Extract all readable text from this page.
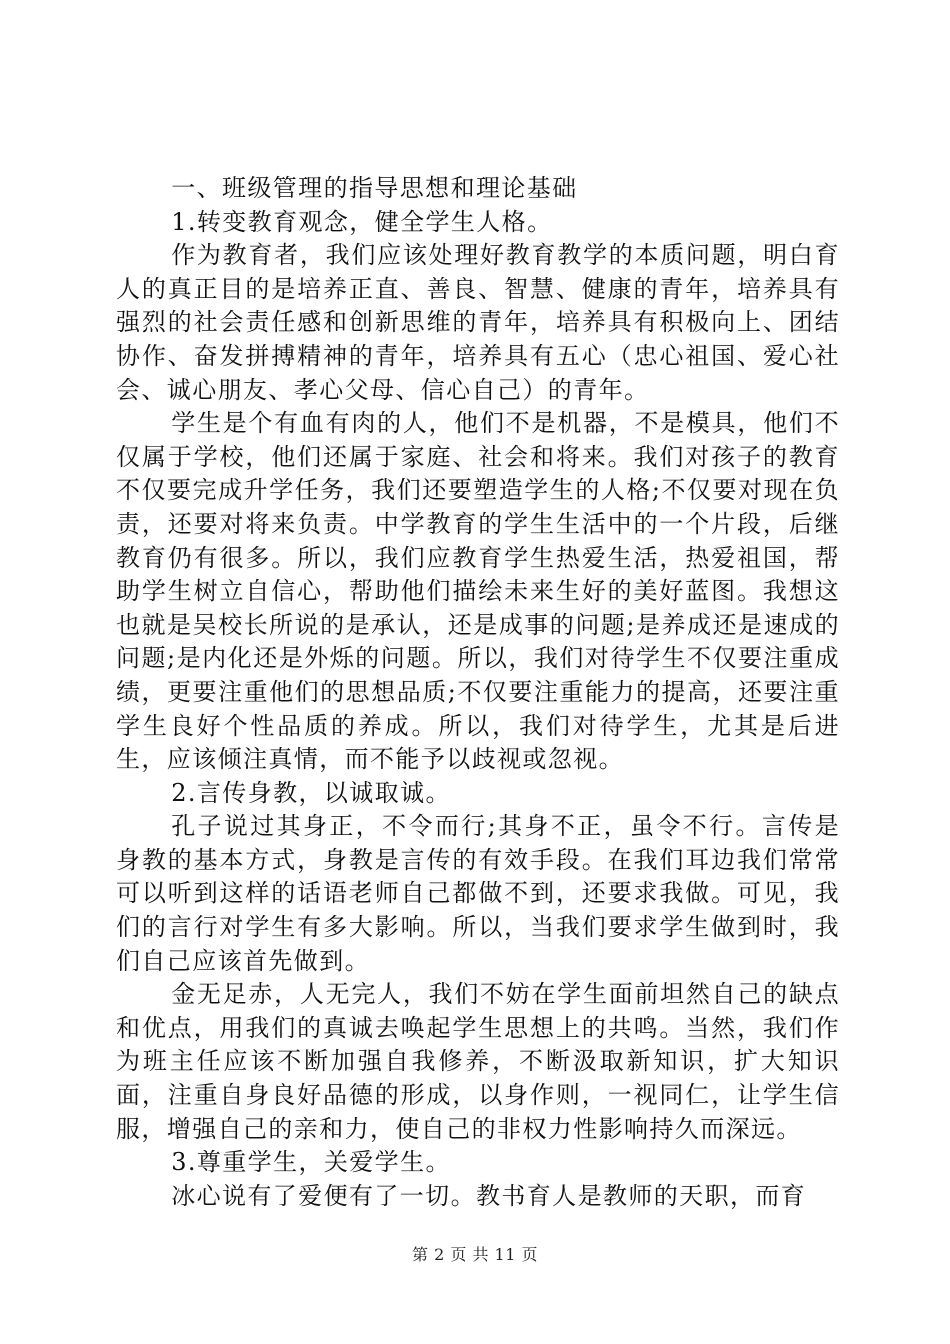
一、班级管理的指导思想和理论基础

1.转变教育观念，健全学生人格。

作为教育者，我们应该处理好教育教学的本质问题，明白育人的真正目的是培养正直、善良、智慧、健康的青年，培养具有强烈的社会责任感和创新思维的青年，培养具有积极向上、团结协作、奋发拼搏精神的青年，培养具有五心（忠心祖国、爱心社会、诚心朋友、孝心父母、信心自己）的青年。

学生是个有血有肉的人，他们不是机器，不是模具，他们不仅属于学校，他们还属于家庭、社会和将来。我们对孩子的教育不仅要完成升学任务，我们还要塑造学生的人格;不仅要对现在负责，还要对将来负责。中学教育的学生生活中的一个片段，后继教育仍有很多。所以，我们应教育学生热爱生活，热爱祖国，帮助学生树立自信心，帮助他们描绘未来生好的美好蓝图。我想这也就是吴校长所说的是承认，还是成事的问题;是养成还是速成的问题;是内化还是外烁的问题。所以，我们对待学生不仅要注重成绩，更要注重他们的思想品质;不仅要注重能力的提高，还要注重学生良好个性品质的养成。所以，我们对待学生，尤其是后进生，应该倾注真情，而不能予以歧视或忽视。

2.言传身教，以诚取诚。

孔子说过其身正，不令而行;其身不正，虽令不行。言传是身教的基本方式，身教是言传的有效手段。在我们耳边我们常常可以听到这样的话语老师自己都做不到，还要求我做。可见，我们的言行对学生有多大影响。所以，当我们要求学生做到时，我们自己应该首先做到。

金无足赤，人无完人，我们不妨在学生面前坦然自己的缺点和优点，用我们的真诚去唤起学生思想上的共鸣。当然，我们作为班主任应该不断加强自我修养，不断汲取新知识，扩大知识面，注重自身良好品德的形成，以身作则，一视同仁，让学生信服，增强自己的亲和力，使自己的非权力性影响持久而深远。

3.尊重学生，关爱学生。

冰心说有了爱便有了一切。教书育人是教师的天职，而育

第 2 页 共 11 页
